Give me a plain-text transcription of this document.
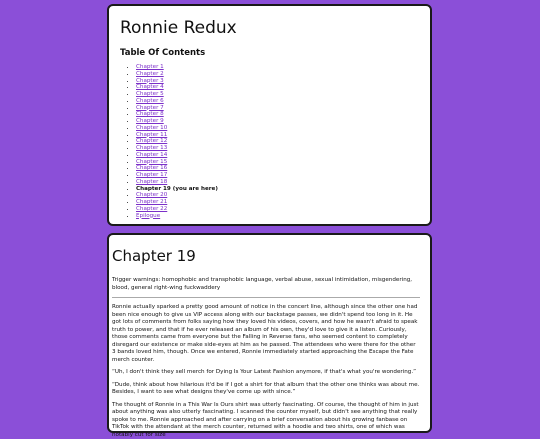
Ronnie Redux
Table Of Contents
• Chapter 1
• Chapter 2
• Chapter 3
• Chapter 4
• Chapter 5
• Chapter 6
• Chapter 7
• Chapter 8
• Chapter 9
• Chapter 10
• Chapter 11
• Chapter 12
• Chapter 13
• Chapter 14
• Chapter 15
• Chapter 16
• Chapter 17
• Chapter 18
• Chapter 19 (you are here)
• Chapter 20
• Chapter 21
• Chapter 22
• Epilogue
Chapter 19

Trigger warnings: homophobic and transphobic language, verbal abuse, sexual intimidation, misgendering, blood, general right-wing fuckwaddery

Ronnie actually sparked a pretty good amount of notice in the concert line, although since the other one had been nice enough to give us VIP access along with our backstage passes, we didn't spend too long in it. He got lots of comments from folks saying how they loved his videos, covers, and how he wasn't afraid to speak truth to power, and that if he ever released an album of his own, they'd love to give it a listen. Curiously, those comments came from everyone but the Falling in Reverse fans, who seemed content to completely disregard our existence or make side-eyes at him as he passed. The attendees who were there for the other 3 bands loved him, though. Once we entered, Ronnie immediately started approaching the Escape the Fate merch counter.

“Uh, I don't think they sell merch for Dying Is Your Latest Fashion anymore, if that's what you're wondering.”

“Dude, think about how hilarious it'd be if I got a shirt for that album that the other one thinks was about me. Besides, I want to see what designs they've come up with since.”

The thought of Ronnie in a This War Is Ours shirt was utterly fascinating. Of course, the thought of him in just about anything was also utterly fascinating. I scanned the counter myself, but didn't see anything that really spoke to me. Ronnie approached and after carrying on a brief conversation about his growing fanbase on TikTok with the attendant at the merch counter, returned with a hoodie and two shirts, one of which was notably cut for size
